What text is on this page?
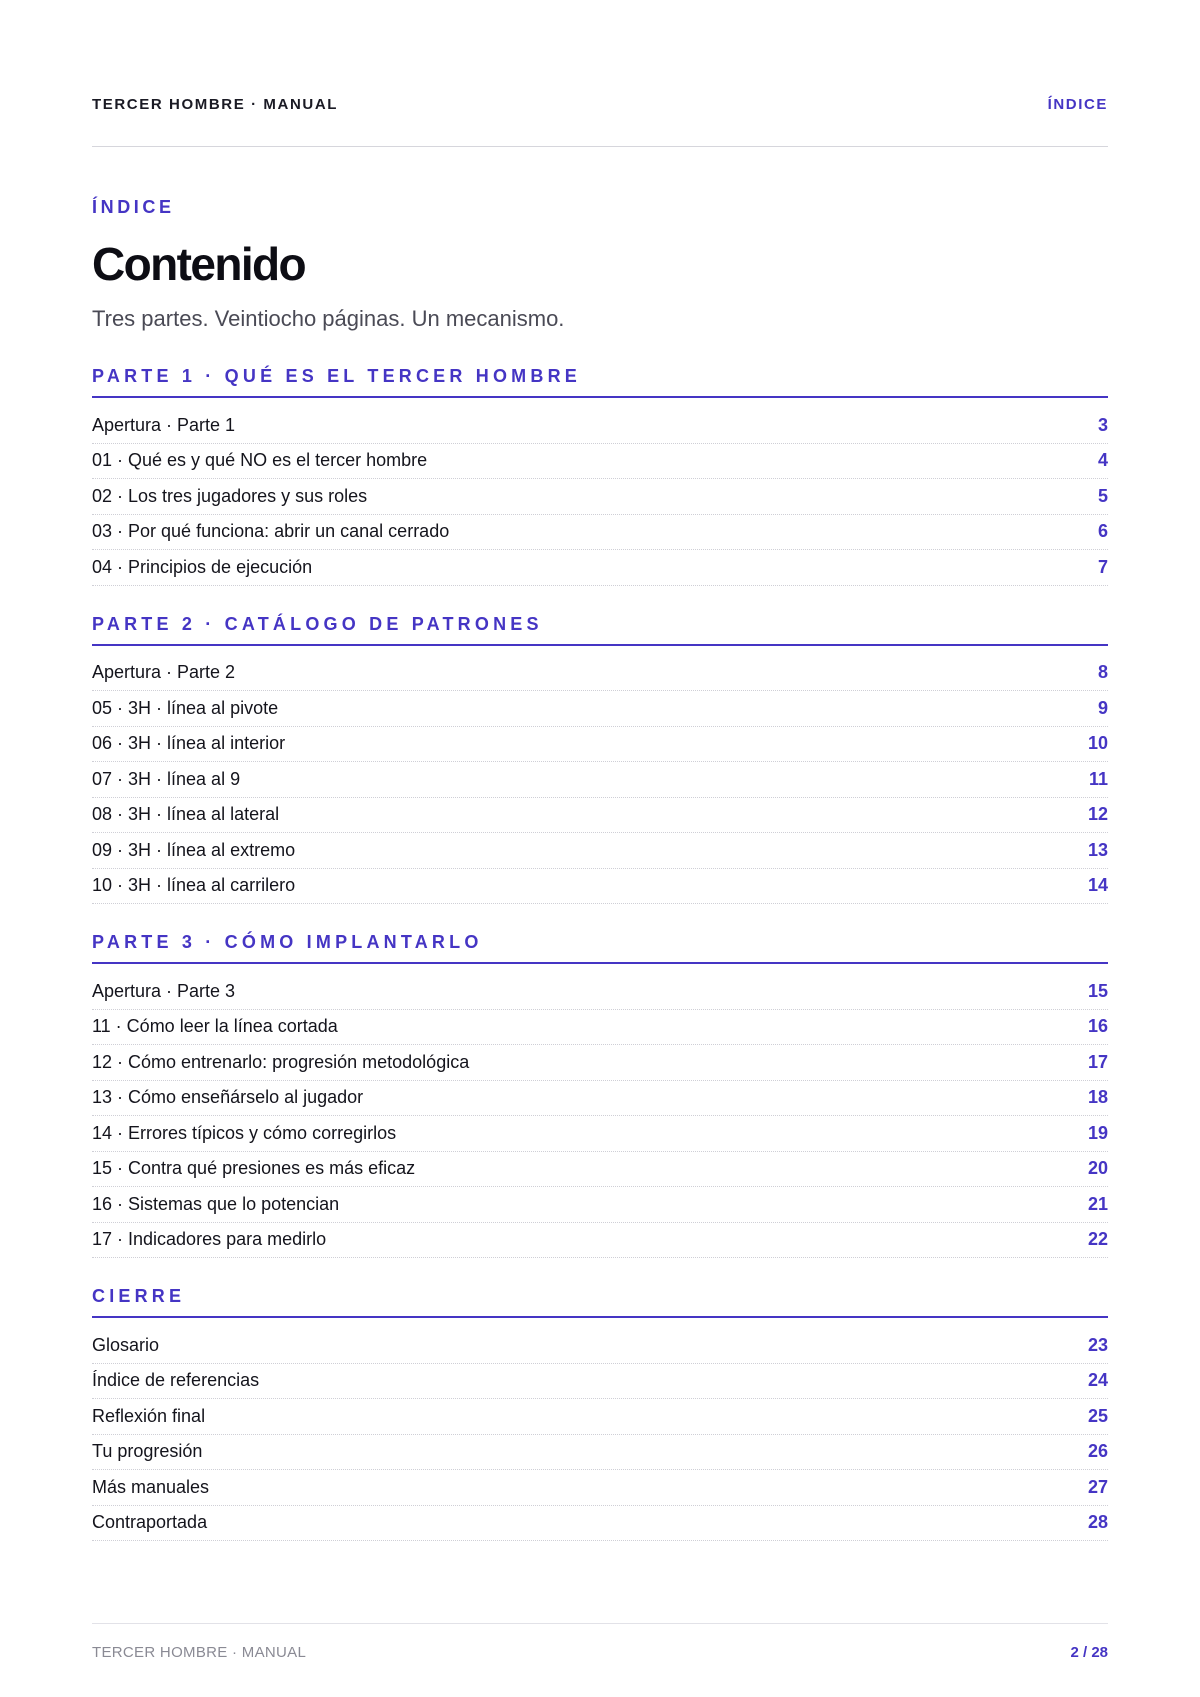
TERCER HOMBRE · MANUAL	ÍNDICE
ÍNDICE
Contenido
Tres partes. Veintiocho páginas. Un mecanismo.
PARTE 1 · QUÉ ES EL TERCER HOMBRE
Apertura · Parte 1	3
01 · Qué es y qué NO es el tercer hombre	4
02 · Los tres jugadores y sus roles	5
03 · Por qué funciona: abrir un canal cerrado	6
04 · Principios de ejecución	7
PARTE 2 · CATÁLOGO DE PATRONES
Apertura · Parte 2	8
05 · 3H · línea al pivote	9
06 · 3H · línea al interior	10
07 · 3H · línea al 9	11
08 · 3H · línea al lateral	12
09 · 3H · línea al extremo	13
10 · 3H · línea al carrilero	14
PARTE 3 · CÓMO IMPLANTARLO
Apertura · Parte 3	15
11 · Cómo leer la línea cortada	16
12 · Cómo entrenarlo: progresión metodológica	17
13 · Cómo enseñárselo al jugador	18
14 · Errores típicos y cómo corregirlos	19
15 · Contra qué presiones es más eficaz	20
16 · Sistemas que lo potencian	21
17 · Indicadores para medirlo	22
CIERRE
Glosario	23
Índice de referencias	24
Reflexión final	25
Tu progresión	26
Más manuales	27
Contraportada	28
TERCER HOMBRE · MANUAL	2 / 28
